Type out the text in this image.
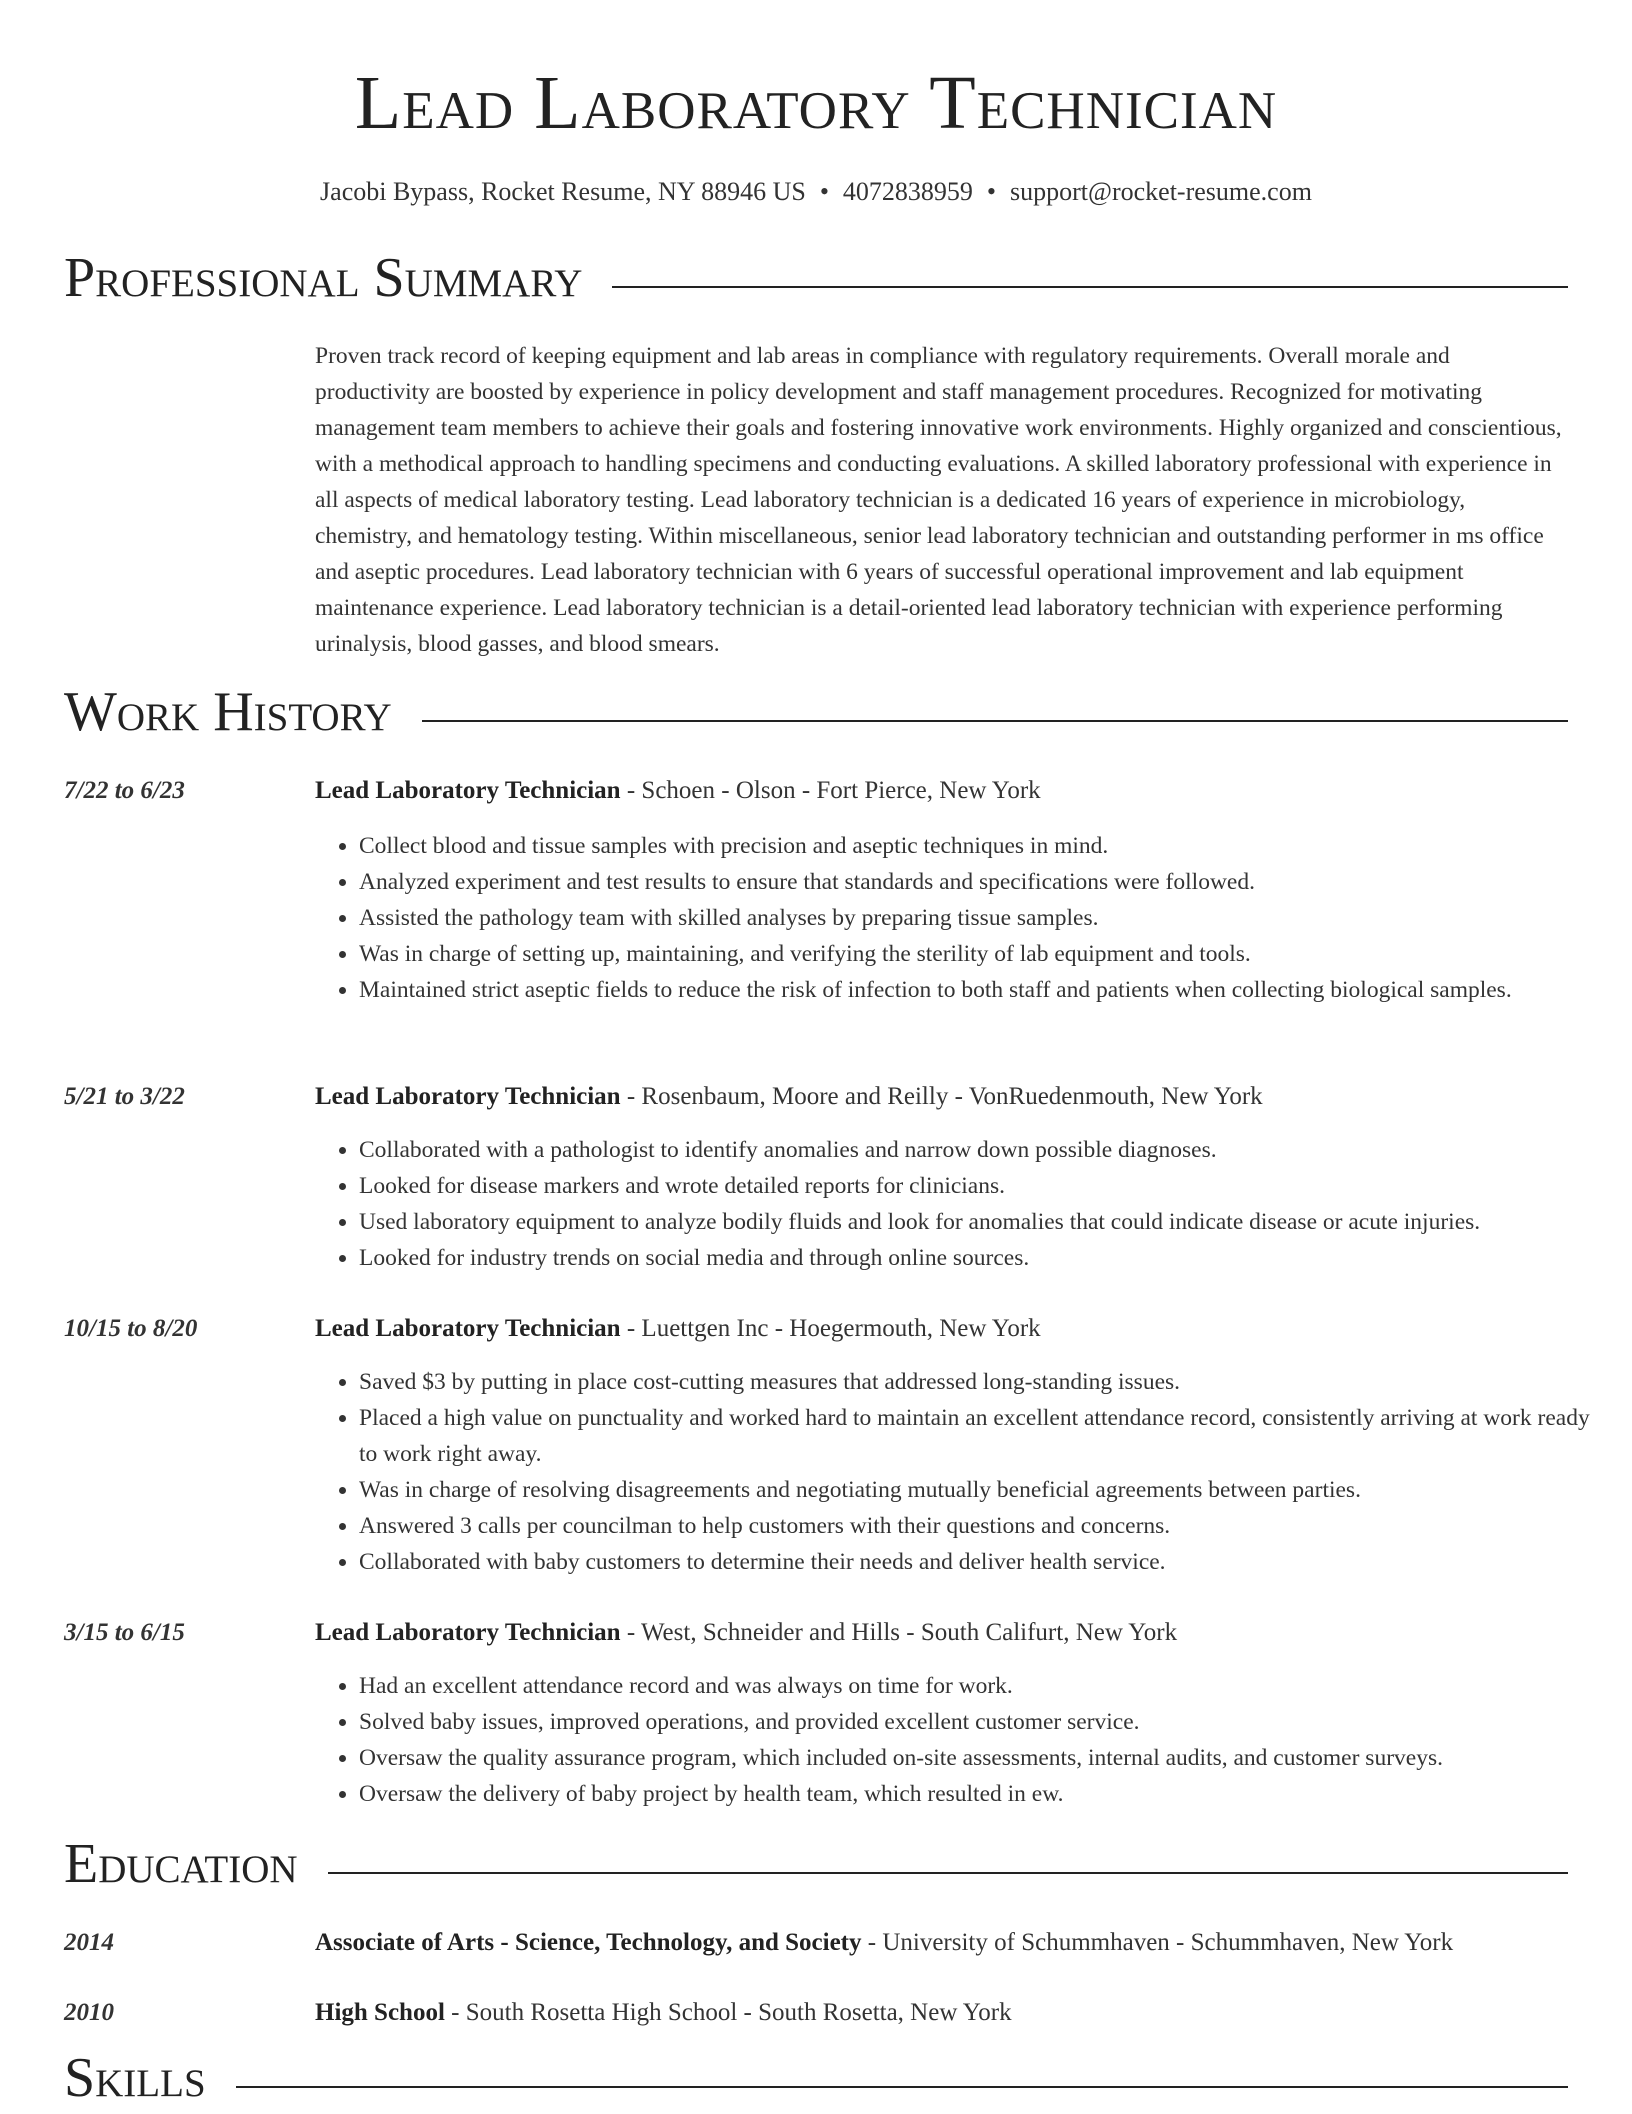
Lead Laboratory Technician
Jacobi Bypass, Rocket Resume, NY 88946 US • 4072838959 • support@rocket-resume.com
Professional Summary
Proven track record of keeping equipment and lab areas in compliance with regulatory requirements. Overall morale and productivity are boosted by experience in policy development and staff management procedures. Recognized for motivating management team members to achieve their goals and fostering innovative work environments. Highly organized and conscientious, with a methodical approach to handling specimens and conducting evaluations. A skilled laboratory professional with experience in all aspects of medical laboratory testing. Lead laboratory technician is a dedicated 16 years of experience in microbiology, chemistry, and hematology testing. Within miscellaneous, senior lead laboratory technician and outstanding performer in ms office and aseptic procedures. Lead laboratory technician with 6 years of successful operational improvement and lab equipment maintenance experience. Lead laboratory technician is a detail-oriented lead laboratory technician with experience performing urinalysis, blood gasses, and blood smears.
Work History
7/22 to 6/23	Lead Laboratory Technician - Schoen - Olson - Fort Pierce, New York
• Collect blood and tissue samples with precision and aseptic techniques in mind.
• Analyzed experiment and test results to ensure that standards and specifications were followed.
• Assisted the pathology team with skilled analyses by preparing tissue samples.
• Was in charge of setting up, maintaining, and verifying the sterility of lab equipment and tools.
• Maintained strict aseptic fields to reduce the risk of infection to both staff and patients when collecting biological samples.
5/21 to 3/22	Lead Laboratory Technician - Rosenbaum, Moore and Reilly - VonRuedenmouth, New York
• Collaborated with a pathologist to identify anomalies and narrow down possible diagnoses.
• Looked for disease markers and wrote detailed reports for clinicians.
• Used laboratory equipment to analyze bodily fluids and look for anomalies that could indicate disease or acute injuries.
• Looked for industry trends on social media and through online sources.
10/15 to 8/20	Lead Laboratory Technician - Luettgen Inc - Hoegermouth, New York
• Saved $3 by putting in place cost-cutting measures that addressed long-standing issues.
• Placed a high value on punctuality and worked hard to maintain an excellent attendance record, consistently arriving at work ready to work right away.
• Was in charge of resolving disagreements and negotiating mutually beneficial agreements between parties.
• Answered 3 calls per councilman to help customers with their questions and concerns.
• Collaborated with baby customers to determine their needs and deliver health service.
3/15 to 6/15	Lead Laboratory Technician - West, Schneider and Hills - South Califurt, New York
• Had an excellent attendance record and was always on time for work.
• Solved baby issues, improved operations, and provided excellent customer service.
• Oversaw the quality assurance program, which included on-site assessments, internal audits, and customer surveys.
• Oversaw the delivery of baby project by health team, which resulted in ew.
Education
2014	Associate of Arts - Science, Technology, and Society - University of Schummhaven - Schummhaven, New York
2010	High School - South Rosetta High School - South Rosetta, New York
Skills
